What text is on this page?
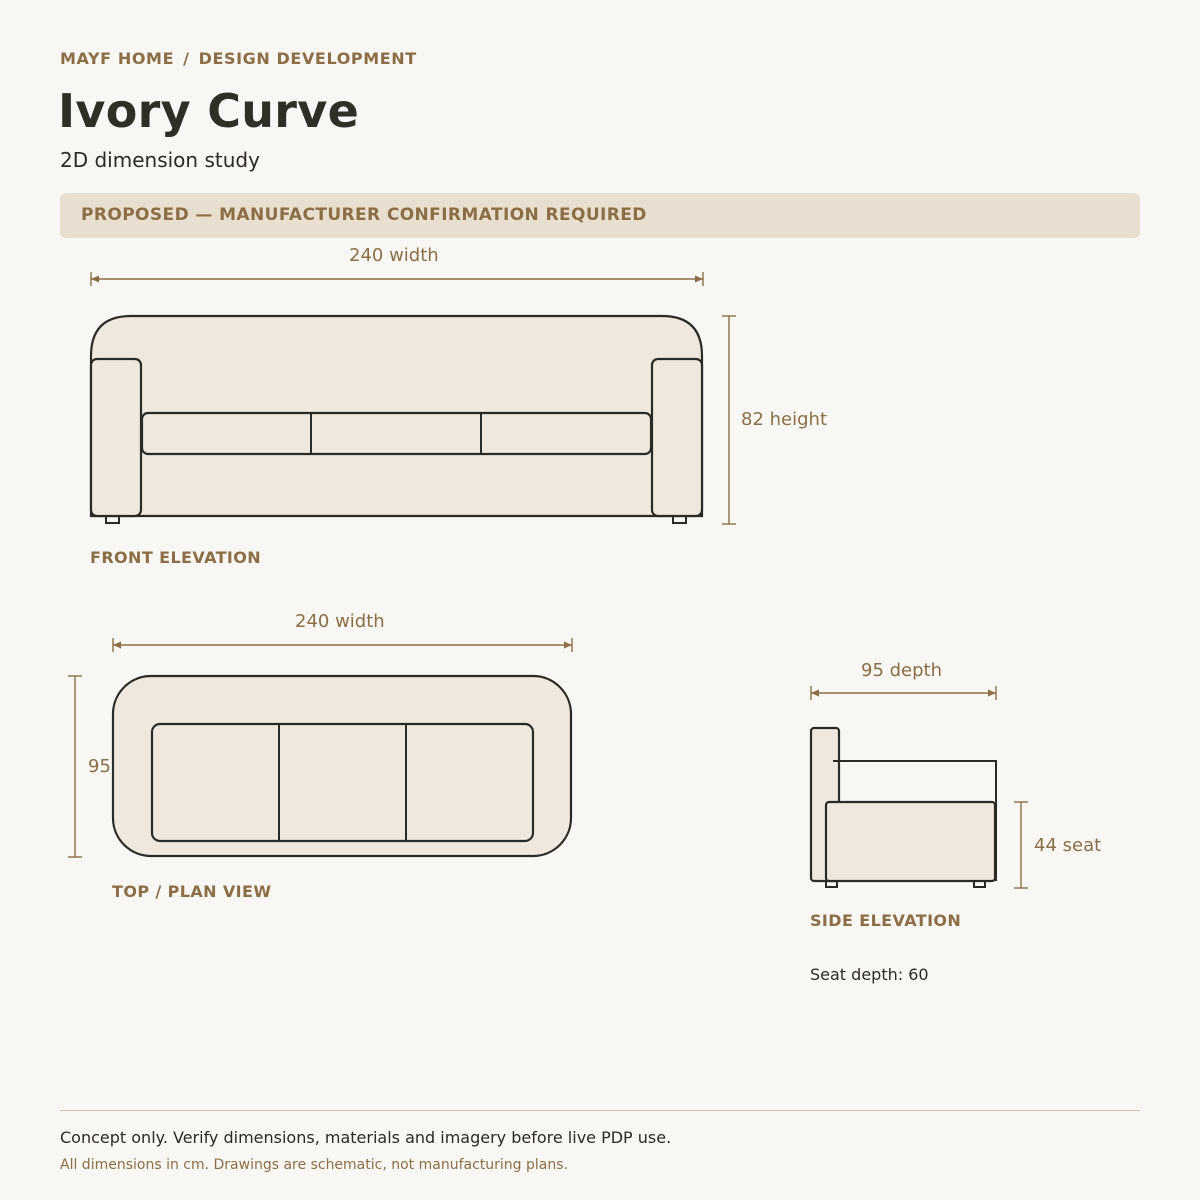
MAYF HOME / DESIGN DEVELOPMENT
Ivory Curve
2D dimension study
PROPOSED — MANUFACTURER CONFIRMATION REQUIRED
240 width
82 height
FRONT ELEVATION
240 width
95
TOP / PLAN VIEW
95 depth
44 seat
SIDE ELEVATION
Seat depth: 60
Concept only. Verify dimensions, materials and imagery before live PDP use.
All dimensions in cm. Drawings are schematic, not manufacturing plans.
